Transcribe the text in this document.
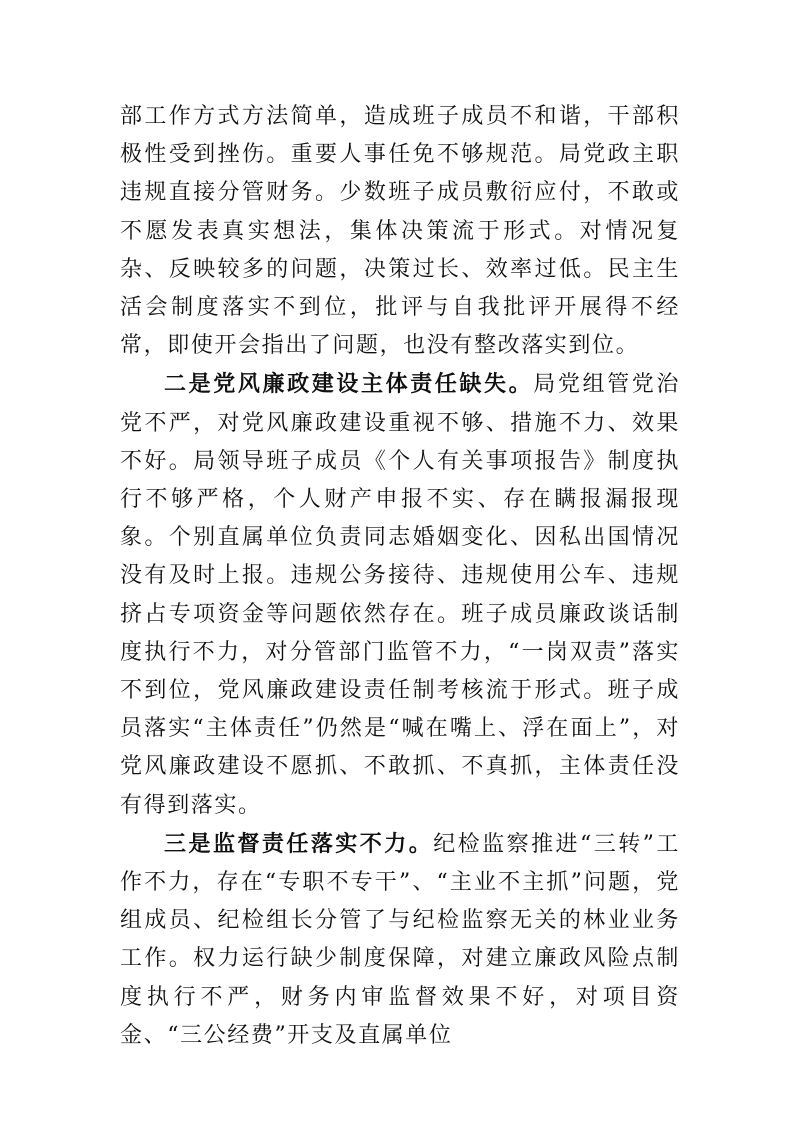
部工作方式方法简单，造成班子成员不和谐，干部积极性受到挫伤。重要人事任免不够规范。局党政主职违规直接分管财务。少数班子成员敷衍应付，不敢或不愿发表真实想法，集体决策流于形式。对情况复杂、反映较多的问题，决策过长、效率过低。民主生活会制度落实不到位，批评与自我批评开展得不经常，即使开会指出了问题，也没有整改落实到位。

二是党风廉政建设主体责任缺失。局党组管党治党不严，对党风廉政建设重视不够、措施不力、效果不好。局领导班子成员《个人有关事项报告》制度执行不够严格，个人财产申报不实、存在瞒报漏报现象。个别直属单位负责同志婚姻变化、因私出国情况没有及时上报。违规公务接待、违规使用公车、违规挤占专项资金等问题依然存在。班子成员廉政谈话制度执行不力，对分管部门监管不力，“一岗双责”落实不到位，党风廉政建设责任制考核流于形式。班子成员落实“主体责任”仍然是“喊在嘴上、浮在面上”，对党风廉政建设不愿抓、不敢抓、不真抓，主体责任没有得到落实。

三是监督责任落实不力。纪检监察推进“三转”工作不力，存在“专职不专干”、“主业不主抓”问题，党组成员、纪检组长分管了与纪检监察无关的林业业务工作。权力运行缺少制度保障，对建立廉政风险点制度执行不严，财务内审监督效果不好，对项目资金、“三公经费”开支及直属单位
